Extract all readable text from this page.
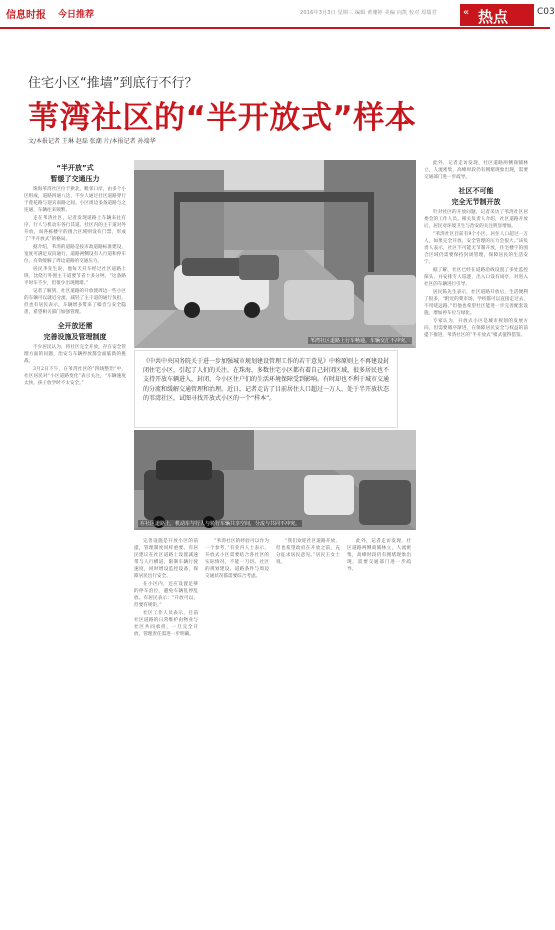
信息时报 今日推荐	2016年3月3日 星期三 编辑 黄珊婷 美编 向凯 校对 周瑞君	« 热点	C03
住宅小区“推墙”到底行不行？
苇湾社区的“半开放式”样本
文/本报记者 王琳 赵磊 张潮 片/本报记者 孙端华
“半开放”式
暂缓了交通压力

珠海苇湾社区位于拱北，毗邻口岸，由多个小区组成，道路四通八达，不少人通过社区道路穿行于莲花路与迎宾南路之间。小区周边多条道路与之连通，车辆往来频繁。

走在苇湾社区，记者发现道路上车辆来往有序，行人与机动车各行其道。社区内的主干道对外开放，而各栋楼宇的围合区域则设有门禁，形成了“半开放式”的格局。

据介绍，苇湾的道路是按市政道路标准建设，宽度可满足双向通行，道路两侧设有人行道和停车位，有效缓解了周边道路的交通压力。

居民李先生说，他每天开车经过社区道路上班，比绕行外围主干道要节省十多分钟。“这条路平时车不少，但很少出现拥堵。”

记者了解到，社区道路的开放使周边一些小区的车辆可以就近分流，减轻了主干道的通行负担。但也有居民表示，车辆增多带来了噪音与安全隐患，希望相关部门加强管理。

全开放还需
完善设施及管理制度

不少居民认为，将社区完全开放，存在安全管理方面的问题，治安与车辆停放都会面临新的挑战。

3月2日下午，在苇湾社区的“四线整治”中，社区居民对“小区道路变化”表示关注，“车辆速度太快，孩子放学时不太安全。”

苇湾社区道路上行车畅通，车辆交汇不冲突。
《中共中央国务院关于进一步加强城市规划建设管理工作的若干意见》中称原则上不再建设封闭住宅小区，引起了人们的关注。在珠海，多数住宅小区都有着自己封闭区域，很多居民也不支持开放车辆进入，封闭、今小区住户们的生活环境保障受到影响。有时却也不利于城市交通的分流和缓解交通管理和治理。近日，记者走访了目前居住人口超过一万人、处于半开放状态的苇湾社区，试图寻找开放式小区的一个“样本”。
在社区道路上，机动车与行人与骑行车辆共享空间，分流与共同不冲突。

完善设施是开放小区的前提，管理制度同样重要。有居民建议在社区道路上设置减速带与人行横道，限制车辆行驶速度，同时增设监控设备，保障居民出行安全。

在小区内，还应设置足够的停车泊位，避免车辆乱停乱放。有居民表示：“开放可以，但要有规矩。”

社区工作人员表示，目前社区道路的日常维护由物业与社区共同承担，一旦完全开放，管理责任需进一步明确。

“苇湾社区的经验可以作为一个参考，”有业内人士表示，开放式小区需要结合各社区的实际情况，不能一刀切。社区的规划建设、道路条件与周边交通状况都需要综合考虑。

“我们欢迎社区道路开放，但也希望政府在开放之前，充分征求居民意见。”居民王女士说。

此外，记者走访发现，社区道路两侧商铺林立，人流密集，高峰时段仍有拥堵现象出现，需要交通部门进一步疏导。

此外，记者走访发现，社区道路两侧商铺林立，人流密集，高峰时段仍有拥堵现象出现，需要交通部门进一步疏导。

社区不可能
完全无节制开放

针对社区的开放问题，记者采访了苇湾社区居委会的工作人员。相关负责人介绍，社区道路开放后，居民对环境卫生与治安的关注明显增加。

“苇湾社区目前有9个小区，居住人口超过一万人，如果完全开放，安全管理的压力会很大。”该负责人表示，社区不可能无节制开放，住宅楼宇的围合区域仍需要保持封闭管理，保障居民的生活安宁。

据了解，社区已经在道路沿线设置了多处监控探头，并安排专人巡逻，出入口设有岗亭，对进入社区的车辆进行引导。

居民陈先生表示，社区道路开放后，生活便利了很多，“附近的菜市场、学校都可以直接走过去，不用绕远路。”但他也希望社区能进一步完善配套设施，增加停车位与绿化。

专家认为，开放式小区是城市规划的发展方向，但需要循序渐进，在保障居民安全与权益的前提下推进，苇湾社区的“半开放式”模式值得借鉴。
